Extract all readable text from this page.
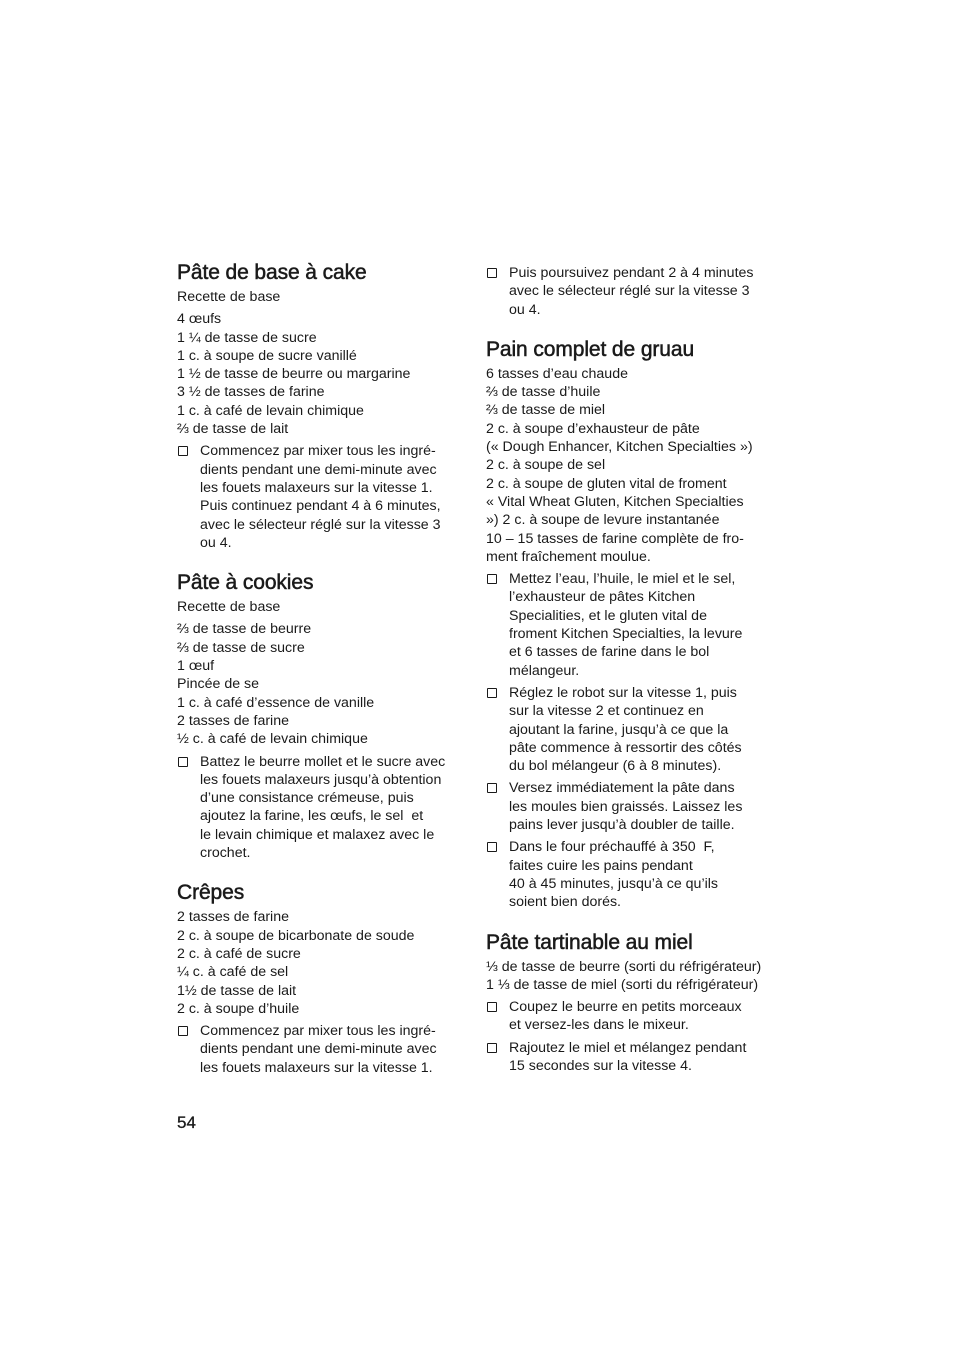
Pâte de base à cake
Recette de base
4 œufs
1 ¼ de tasse de sucre
1 c. à soupe de sucre vanillé
1 ½ de tasse de beurre ou margarine
3 ½ de tasses de farine
1 c. à café de levain chimique
⅔ de tasse de lait
Commencez par mixer tous les ingré-
dients pendant une demi-minute avec
les fouets malaxeurs sur la vitesse 1.
Puis continuez pendant 4 à 6 minutes,
avec le sélecteur réglé sur la vitesse 3
ou 4.
Pâte à cookies
Recette de base
⅔ de tasse de beurre
⅔ de tasse de sucre
1 œuf
Pincée de se
1 c. à café d’essence de vanille
2 tasses de farine
½ c. à café de levain chimique
Battez le beurre mollet et le sucre avec
les fouets malaxeurs jusqu’à obtention
d’une consistance crémeuse, puis
ajoutez la farine, les œufs, le sel  et
le levain chimique et malaxez avec le
crochet.
Crêpes
2 tasses de farine
2 c. à soupe de bicarbonate de soude
2 c. à café de sucre
¼ c. à café de sel
1½ de tasse de lait
2 c. à soupe d’huile
Commencez par mixer tous les ingré-
dients pendant une demi-minute avec
les fouets malaxeurs sur la vitesse 1.
Puis poursuivez pendant 2 à 4 minutes
avec le sélecteur réglé sur la vitesse 3
ou 4.
Pain complet de gruau
6 tasses d’eau chaude
⅔ de tasse d’huile
⅔ de tasse de miel
2 c. à soupe d’exhausteur de pâte
(« Dough Enhancer, Kitchen Specialties »)
2 c. à soupe de sel
2 c. à soupe de gluten vital de froment
« Vital Wheat Gluten, Kitchen Specialties
») 2 c. à soupe de levure instantanée
10 – 15 tasses de farine complète de fro-
ment fraîchement moulue.
Mettez l’eau, l’huile, le miel et le sel,
l’exhausteur de pâtes Kitchen
Specialities, et le gluten vital de
froment Kitchen Specialties, la levure
et 6 tasses de farine dans le bol
mélangeur.
Réglez le robot sur la vitesse 1, puis
sur la vitesse 2 et continuez en
ajoutant la farine, jusqu’à ce que la
pâte commence à ressortir des côtés
du bol mélangeur (6 à 8 minutes).
Versez immédiatement la pâte dans
les moules bien graissés. Laissez les
pains lever jusqu’à doubler de taille.
Dans le four préchauffé à 350  F,
faites cuire les pains pendant
40 à 45 minutes, jusqu’à ce qu’ils
soient bien dorés.
Pâte tartinable au miel
⅓ de tasse de beurre (sorti du réfrigérateur)
1 ⅓ de tasse de miel (sorti du réfrigérateur)
Coupez le beurre en petits morceaux
et versez-les dans le mixeur.
Rajoutez le miel et mélangez pendant
15 secondes sur la vitesse 4.
54
